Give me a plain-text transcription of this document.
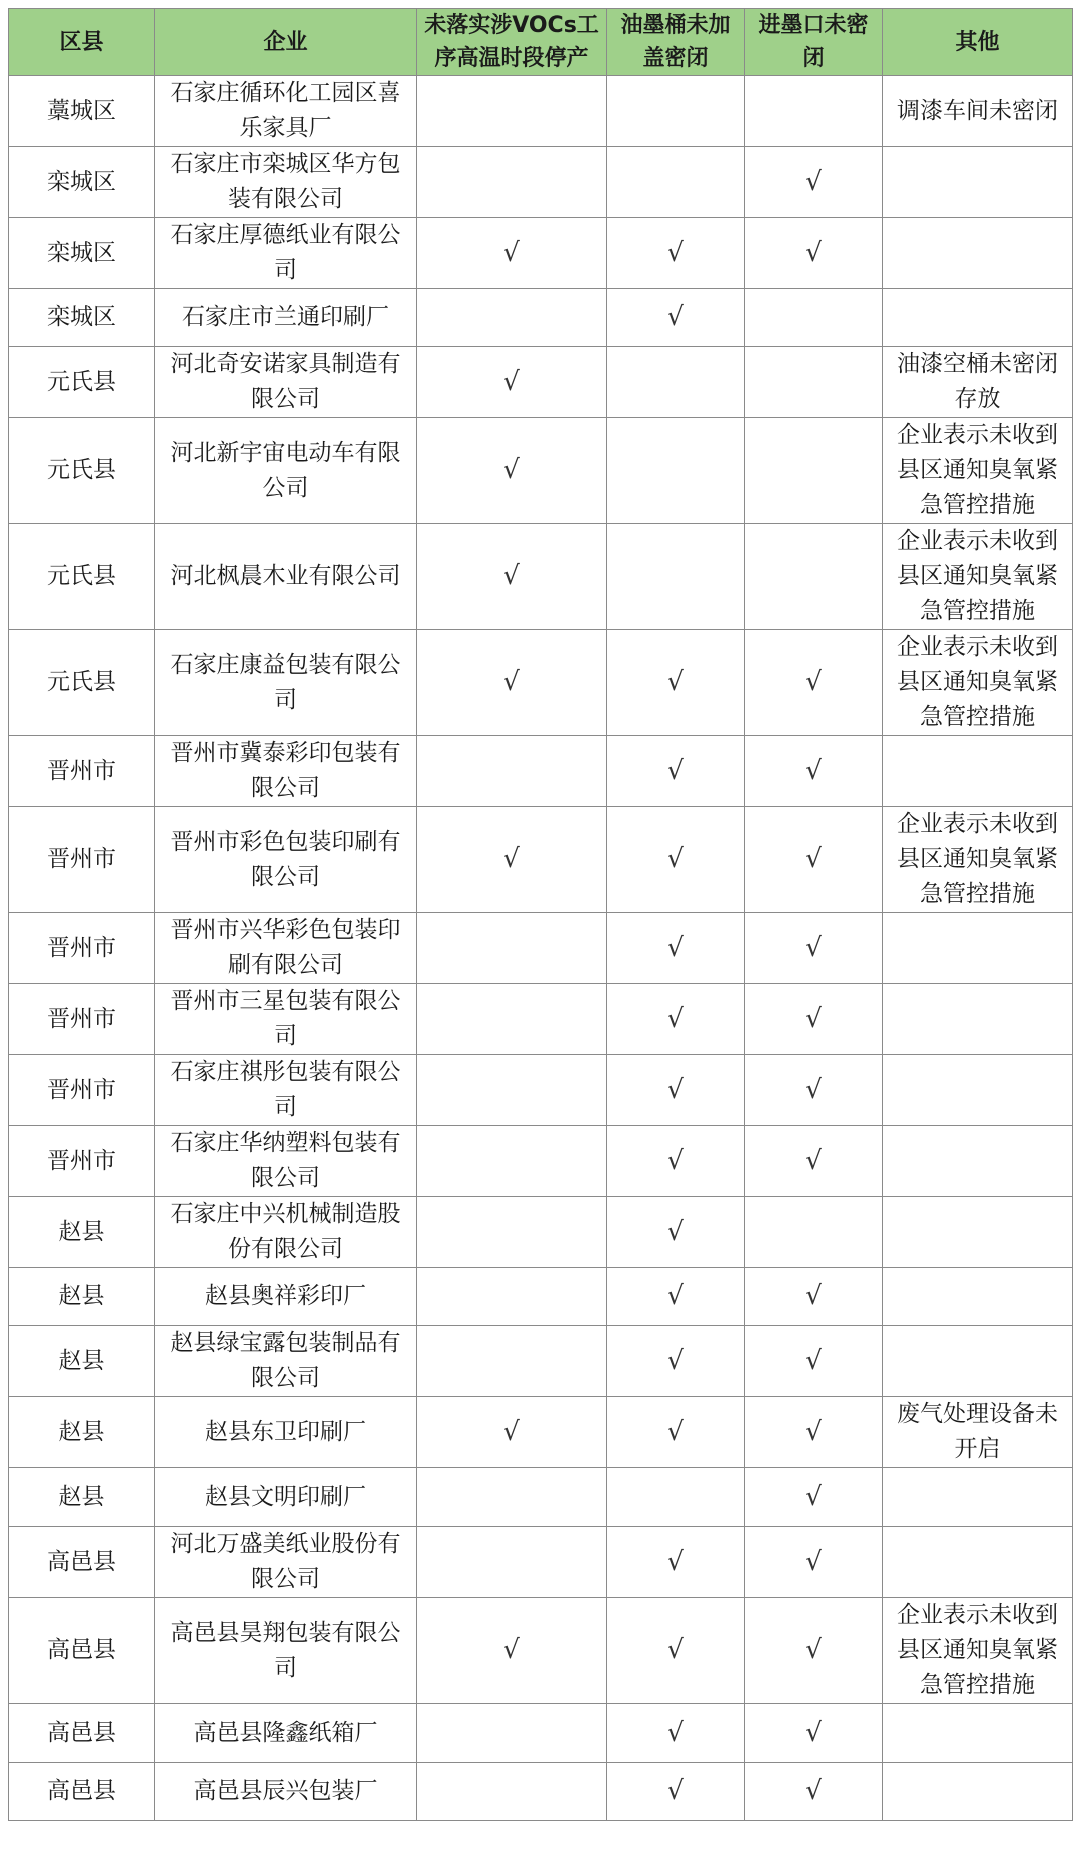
区县	企业	未落实涉VOCs工序高温时段停产	油墨桶未加盖密闭	进墨口未密闭	其他
藁城区	石家庄循环化工园区喜乐家具厂				调漆车间未密闭
栾城区	石家庄市栾城区华方包装有限公司			√	
栾城区	石家庄厚德纸业有限公司	√	√	√	
栾城区	石家庄市兰通印刷厂		√		
元氏县	河北奇安诺家具制造有限公司	√			油漆空桶未密闭存放
元氏县	河北新宇宙电动车有限公司	√			企业表示未收到县区通知臭氧紧急管控措施
元氏县	河北枫晨木业有限公司	√			企业表示未收到县区通知臭氧紧急管控措施
元氏县	石家庄康益包装有限公司	√	√	√	企业表示未收到县区通知臭氧紧急管控措施
晋州市	晋州市冀泰彩印包装有限公司		√	√	
晋州市	晋州市彩色包装印刷有限公司	√	√	√	企业表示未收到县区通知臭氧紧急管控措施
晋州市	晋州市兴华彩色包装印刷有限公司		√	√	
晋州市	晋州市三星包装有限公司		√	√	
晋州市	石家庄祺彤包装有限公司		√	√	
晋州市	石家庄华纳塑料包装有限公司		√	√	
赵县	石家庄中兴机械制造股份有限公司		√		
赵县	赵县奥祥彩印厂		√	√	
赵县	赵县绿宝露包装制品有限公司		√	√	
赵县	赵县东卫印刷厂	√	√	√	废气处理设备未开启
赵县	赵县文明印刷厂			√	
高邑县	河北万盛美纸业股份有限公司		√	√	
高邑县	高邑县昊翔包装有限公司	√	√	√	企业表示未收到县区通知臭氧紧急管控措施
高邑县	高邑县隆鑫纸箱厂		√	√	
高邑县	高邑县辰兴包装厂		√	√	
